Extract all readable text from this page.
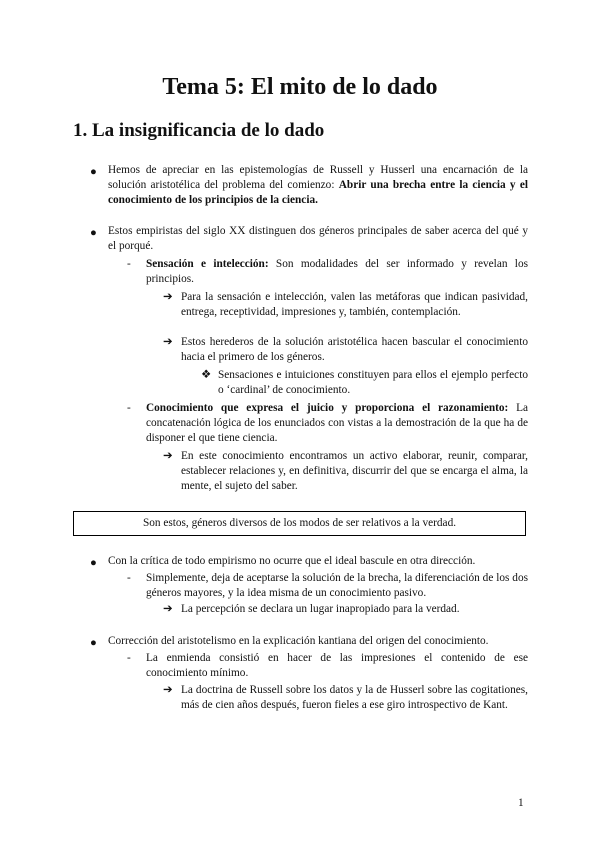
Tema 5: El mito de lo dado
1. La insignificancia de lo dado
● Hemos de apreciar en las epistemologías de Russell y Husserl una encarnación de la solución aristotélica del problema del comienzo: Abrir una brecha entre la ciencia y el conocimiento de los principios de la ciencia.
● Estos empiristas del siglo XX distinguen dos géneros principales de saber acerca del qué y el porqué.
- Sensación e intelección: Son modalidades del ser informado y revelan los principios.
➔ Para la sensación e intelección, valen las metáforas que indican pasividad, entrega, receptividad, impresiones y, también, contemplación.
➔ Estos herederos de la solución aristotélica hacen bascular el conocimiento hacia el primero de los géneros.
❖ Sensaciones e intuiciones constituyen para ellos el ejemplo perfecto o ‘cardinal’ de conocimiento.
- Conocimiento que expresa el juicio y proporciona el razonamiento: La concatenación lógica de los enunciados con vistas a la demostración de la que ha de disponer el que tiene ciencia.
➔ En este conocimiento encontramos un activo elaborar, reunir, comparar, establecer relaciones y, en definitiva, discurrir del que se encarga el alma, la mente, el sujeto del saber.
Son estos, géneros diversos de los modos de ser relativos a la verdad.
● Con la crítica de todo empirismo no ocurre que el ideal bascule en otra dirección.
- Simplemente, deja de aceptarse la solución de la brecha, la diferenciación de los dos géneros mayores, y la idea misma de un conocimiento pasivo.
➔ La percepción se declara un lugar inapropiado para la verdad.
● Corrección del aristotelismo en la explicación kantiana del origen del conocimiento.
- La enmienda consistió en hacer de las impresiones el contenido de ese conocimiento mínimo.
➔ La doctrina de Russell sobre los datos y la de Husserl sobre las cogitationes, más de cien años después, fueron fieles a ese giro introspectivo de Kant.
1
